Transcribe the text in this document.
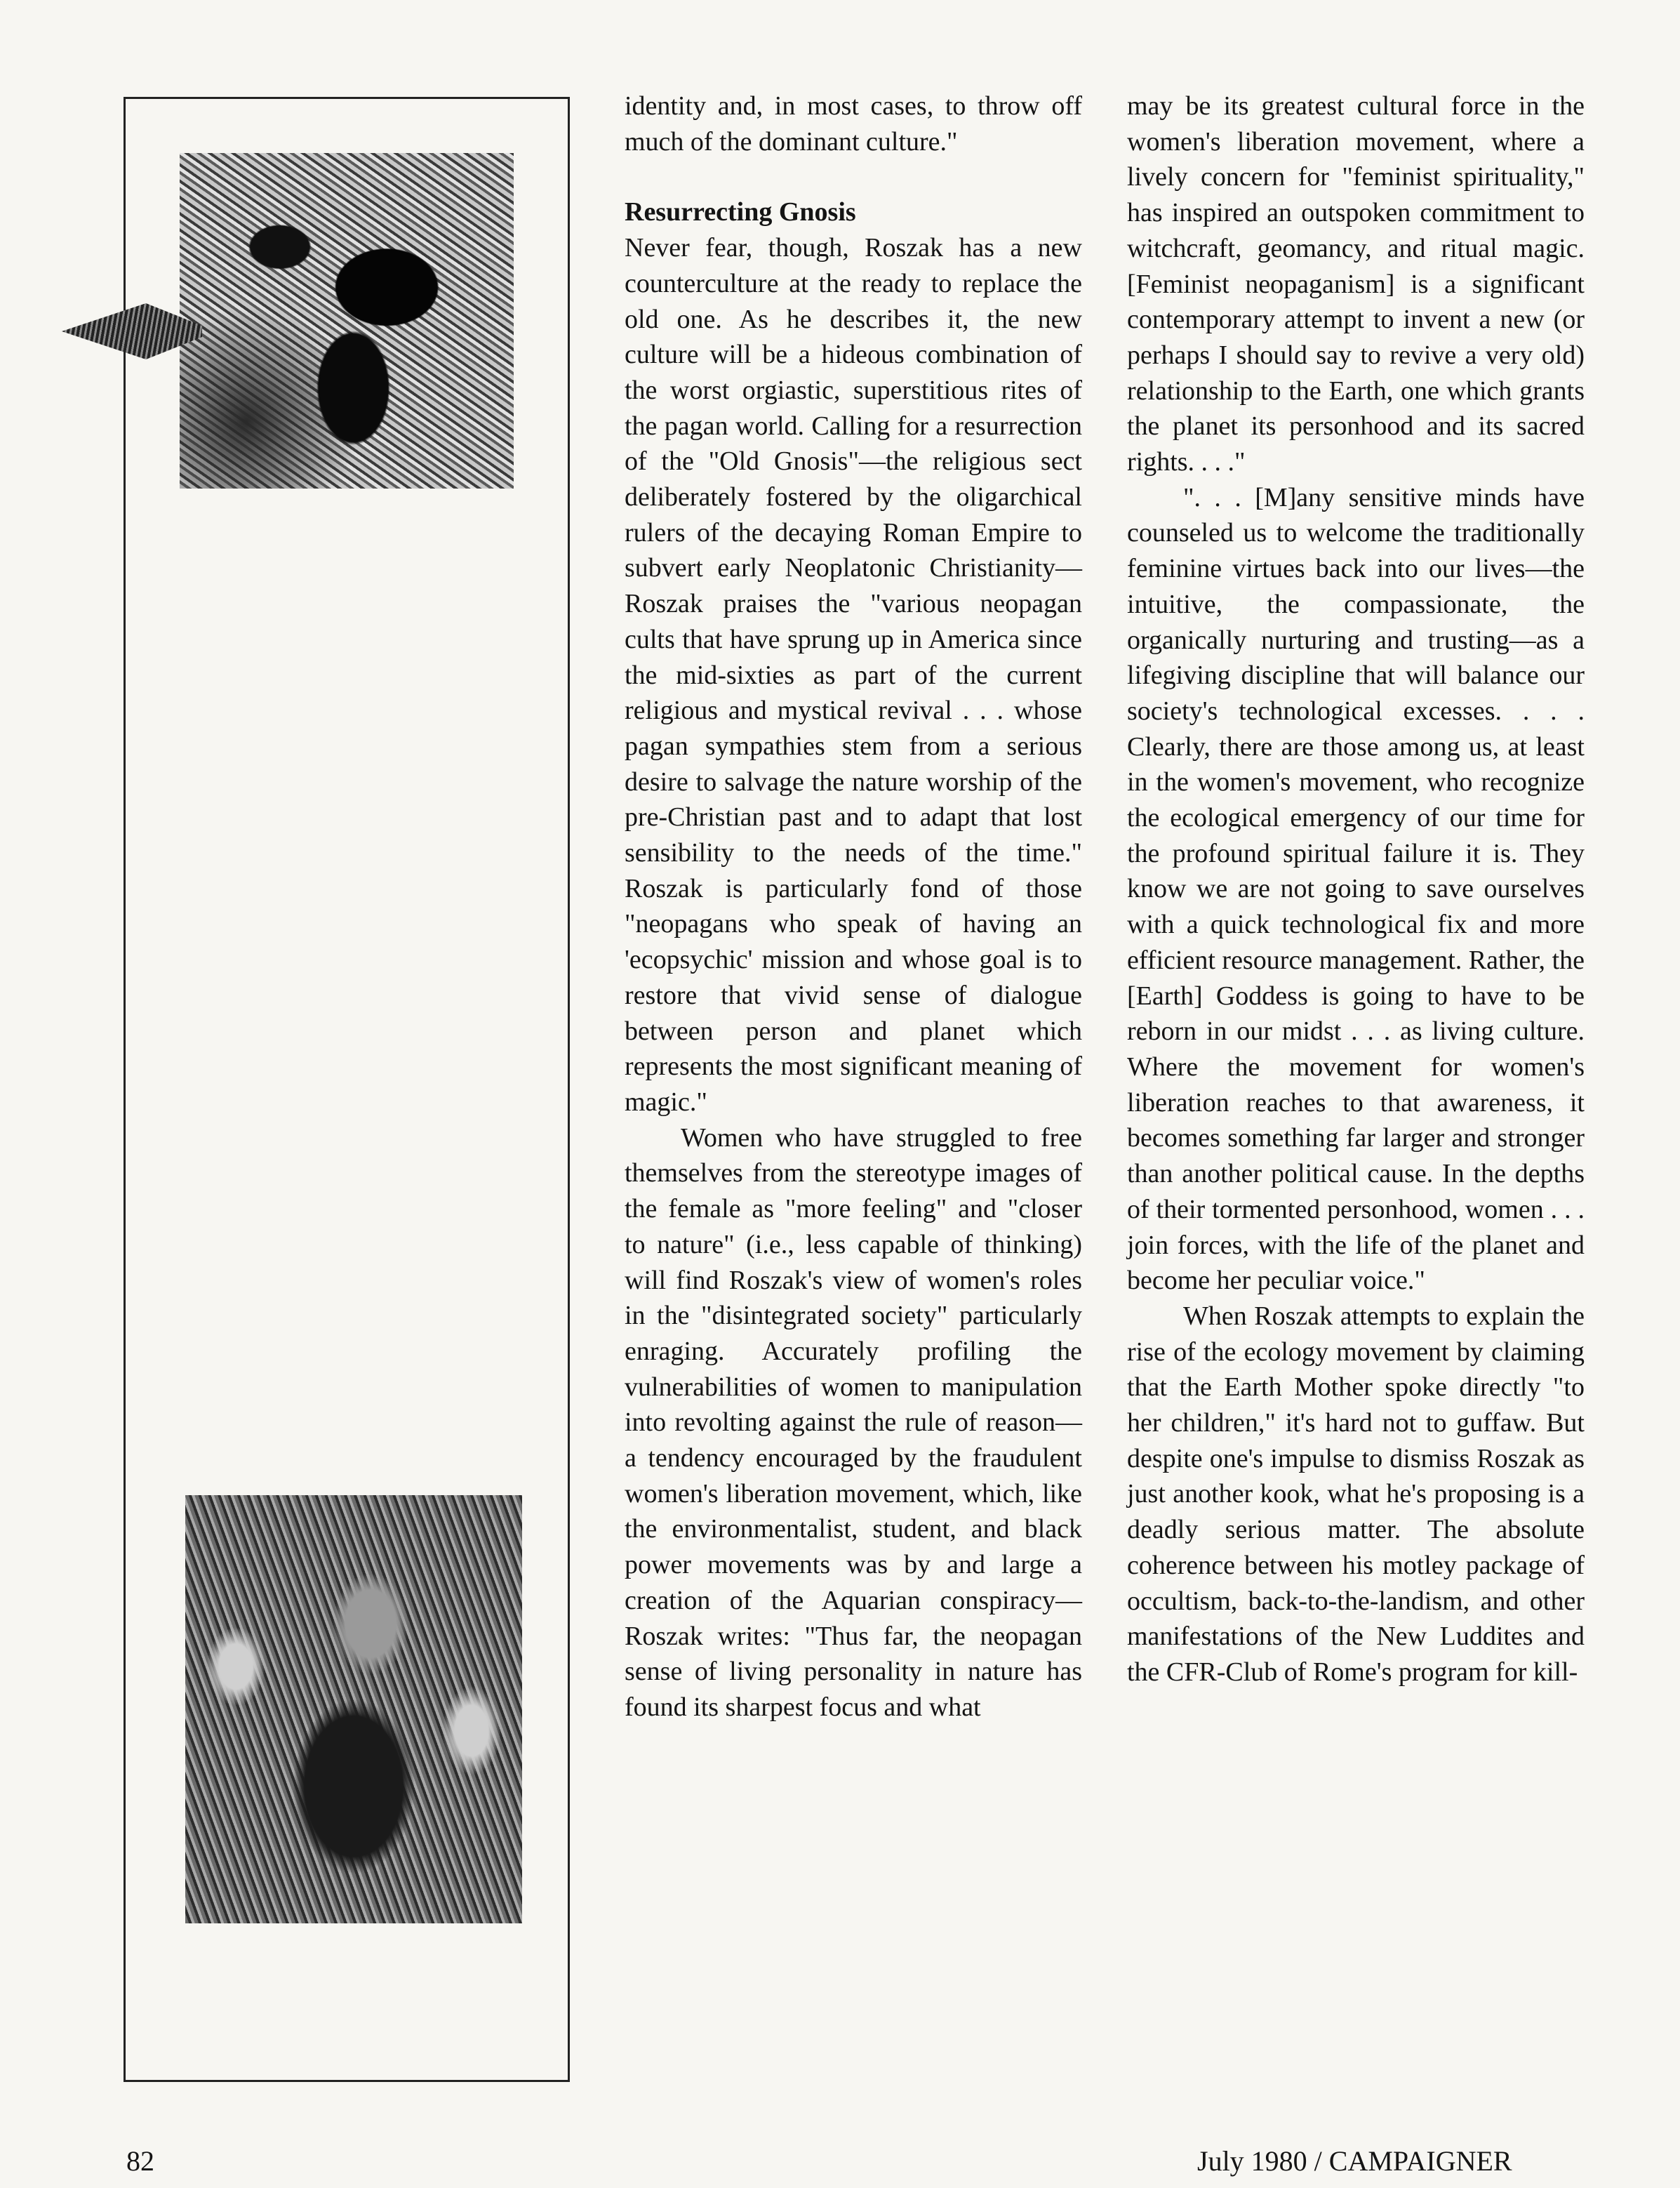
identity and, in most cases, to throw off much of the dominant culture."

Resurrecting Gnosis

Never fear, though, Roszak has a new counterculture at the ready to replace the old one. As he describes it, the new culture will be a hideous combination of the worst orgiastic, superstitious rites of the pagan world. Calling for a resurrection of the "Old Gnosis"—the religious sect deliberately fostered by the oligarchical rulers of the decaying Roman Empire to subvert early Neoplatonic Christianity—Roszak praises the "various neopagan cults that have sprung up in America since the mid-sixties as part of the current religious and mystical revival . . . whose pagan sympathies stem from a serious desire to salvage the nature worship of the pre-Christian past and to adapt that lost sensibility to the needs of the time." Roszak is particularly fond of those "neopagans who speak of having an 'ecopsychic' mission and whose goal is to restore that vivid sense of dialogue between person and planet which represents the most significant meaning of magic."

Women who have struggled to free themselves from the stereotype images of the female as "more feeling" and "closer to nature" (i.e., less capable of thinking) will find Roszak's view of women's roles in the "disintegrated society" particularly enraging. Accurately profiling the vulnerabilities of women to manipulation into revolting against the rule of reason—a tendency encouraged by the fraudulent women's liberation movement, which, like the environmentalist, student, and black power movements was by and large a creation of the Aquarian conspiracy—Roszak writes: "Thus far, the neopagan sense of living personality in nature has found its sharpest focus and what

may be its greatest cultural force in the women's liberation movement, where a lively concern for "feminist spirituality," has inspired an outspoken commitment to witchcraft, geomancy, and ritual magic. [Feminist neopaganism] is a significant contemporary attempt to invent a new (or perhaps I should say to revive a very old) relationship to the Earth, one which grants the planet its personhood and its sacred rights. . . ."

". . . [M]any sensitive minds have counseled us to welcome the traditionally feminine virtues back into our lives—the intuitive, the compassionate, the organically nurturing and trusting—as a lifegiving discipline that will balance our society's technological excesses. . . . Clearly, there are those among us, at least in the women's movement, who recognize the ecological emergency of our time for the profound spiritual failure it is. They know we are not going to save ourselves with a quick technological fix and more efficient resource management. Rather, the [Earth] Goddess is going to have to be reborn in our midst . . . as living culture. Where the movement for women's liberation reaches to that awareness, it becomes something far larger and stronger than another political cause. In the depths of their tormented personhood, women . . . join forces, with the life of the planet and become her peculiar voice."

When Roszak attempts to explain the rise of the ecology movement by claiming that the Earth Mother spoke directly "to her children," it's hard not to guffaw. But despite one's impulse to dismiss Roszak as just another kook, what he's proposing is a deadly serious matter. The absolute coherence between his motley package of occultism, back-to-the-landism, and other manifestations of the New Luddites and the CFR-Club of Rome's program for kill-

82	July 1980 / CAMPAIGNER
